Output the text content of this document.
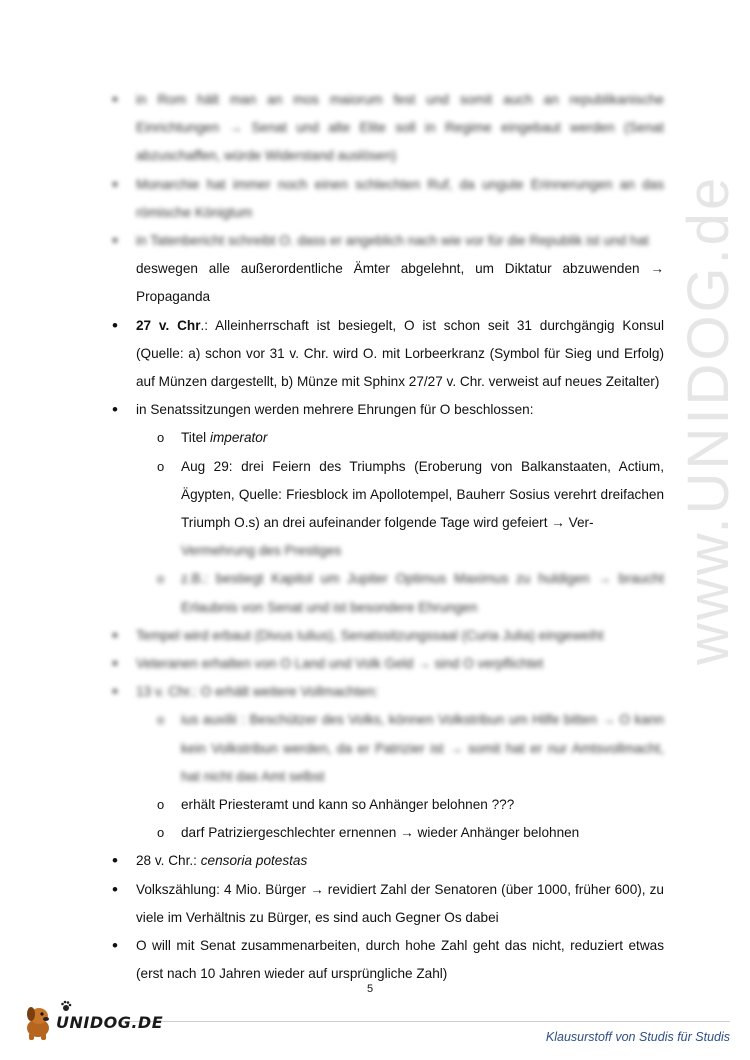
www.UNIDOG.de
•
in Rom hält man an mos maiorum fest und somit auch an republikanische Einrichtungen → Senat und alte Elite soll in Regime eingebaut werden (Senat abzuschaffen, würde Widerstand auslösen)
•
Monarchie hat immer noch einen schlechten Ruf, da ungute Erinnerungen an das römische Königtum
•
in Tatenbericht schreibt O. dass er angeblich nach wie vor für die Republik ist und hat
deswegen alle außerordentliche Ämter abgelehnt, um Diktatur abzuwenden → Propaganda
•
27 v. Chr.: Alleinherrschaft ist besiegelt, O ist schon seit 31 durchgängig Konsul (Quelle: a) schon vor 31 v. Chr. wird O. mit Lorbeerkranz (Symbol für Sieg und Erfolg) auf Münzen dargestellt, b) Münze mit Sphinx 27/27 v. Chr. verweist auf neues Zeitalter)
•
in Senatssitzungen werden mehrere Ehrungen für O beschlossen:
o Titel imperator
o Aug 29: drei Feiern des Triumphs (Eroberung von Balkanstaaten, Actium, Ägypten, Quelle: Friesblock im Apollotempel, Bauherr Sosius verehrt dreifachen Triumph O.s) an drei aufeinander folgende Tage wird gefeiert → Ver-
Vermehrung des Prestiges
o z.B.: bestiegt Kapitol um Jupiter Optimus Maximus zu huldigen → braucht Erlaubnis von Senat und ist besondere Ehrungen
•
Tempel wird erbaut (Divus Iulius), Senatssitzungssaal (Curia Julia) eingeweiht
•
Veteranen erhalten von O Land und Volk Geld → sind O verpflichtet
•
13 v. Chr.: O erhält weitere Vollmachten:
o ius auxilii : Beschützer des Volks, können Volkstribun um Hilfe bitten → O kann kein Volkstribun werden, da er Patrizier ist → somit hat er nur Amtsvollmacht, hat nicht das Amt selbst
o erhält Priesteramt und kann so Anhänger belohnen ???
o darf Patriziergeschlechter ernennen → wieder Anhänger belohnen
•
28 v. Chr.: censoria potestas
•
Volkszählung: 4 Mio. Bürger → revidiert Zahl der Senatoren (über 1000, früher 600), zu viele im Verhältnis zu Bürger, es sind auch Gegner Os dabei
•
O will mit Senat zusammenarbeiten, durch hohe Zahl geht das nicht, reduziert etwas (erst nach 10 Jahren wieder auf ursprüngliche Zahl)
5
UNIDOG.DE
Klausurstoff von Studis für Studis
